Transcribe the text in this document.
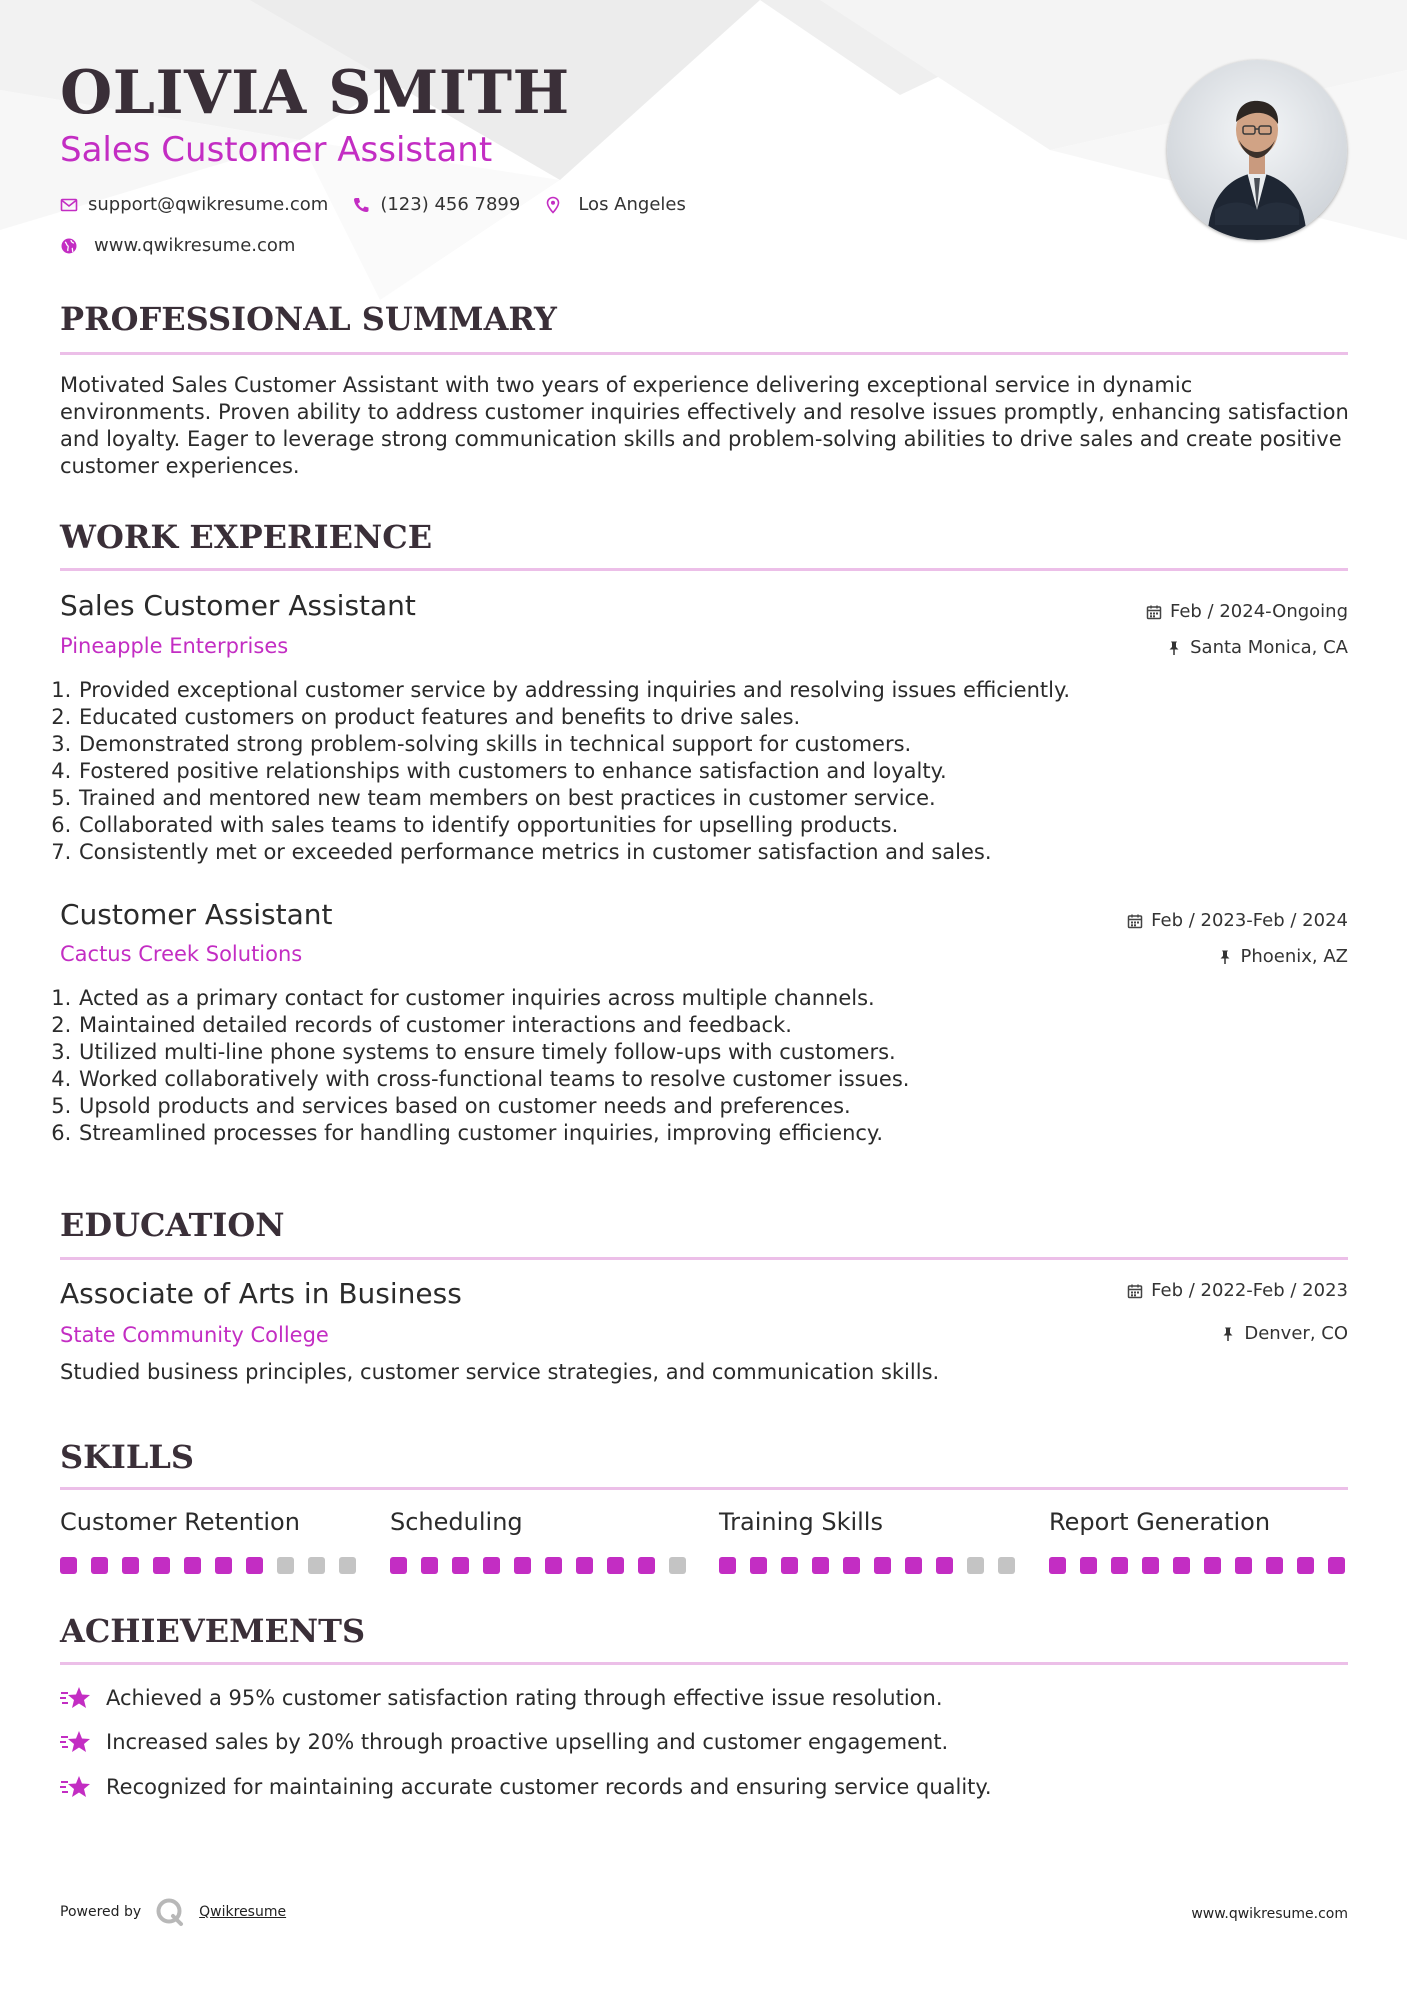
OLIVIA SMITH
Sales Customer Assistant
support@qwikresume.com	(123) 456 7899	Los Angeles
www.qwikresume.com
PROFESSIONAL SUMMARY
Motivated Sales Customer Assistant with two years of experience delivering exceptional service in dynamic environments. Proven ability to address customer inquiries effectively and resolve issues promptly, enhancing satisfaction and loyalty. Eager to leverage strong communication skills and problem-solving abilities to drive sales and create positive customer experiences.
WORK EXPERIENCE
Sales Customer Assistant
Pineapple Enterprises
Feb / 2024-Ongoing
Santa Monica, CA
1. Provided exceptional customer service by addressing inquiries and resolving issues efficiently.
2. Educated customers on product features and benefits to drive sales.
3. Demonstrated strong problem-solving skills in technical support for customers.
4. Fostered positive relationships with customers to enhance satisfaction and loyalty.
5. Trained and mentored new team members on best practices in customer service.
6. Collaborated with sales teams to identify opportunities for upselling products.
7. Consistently met or exceeded performance metrics in customer satisfaction and sales.
Customer Assistant
Cactus Creek Solutions
Feb / 2023-Feb / 2024
Phoenix, AZ
1. Acted as a primary contact for customer inquiries across multiple channels.
2. Maintained detailed records of customer interactions and feedback.
3. Utilized multi-line phone systems to ensure timely follow-ups with customers.
4. Worked collaboratively with cross-functional teams to resolve customer issues.
5. Upsold products and services based on customer needs and preferences.
6. Streamlined processes for handling customer inquiries, improving efficiency.
EDUCATION
Associate of Arts in Business
State Community College
Feb / 2022-Feb / 2023
Denver, CO
Studied business principles, customer service strategies, and communication skills.
SKILLS
Customer Retention	Scheduling	Training Skills	Report Generation
ACHIEVEMENTS
Achieved a 95% customer satisfaction rating through effective issue resolution.
Increased sales by 20% through proactive upselling and customer engagement.
Recognized for maintaining accurate customer records and ensuring service quality.
Powered by	Qwikresume	www.qwikresume.com
